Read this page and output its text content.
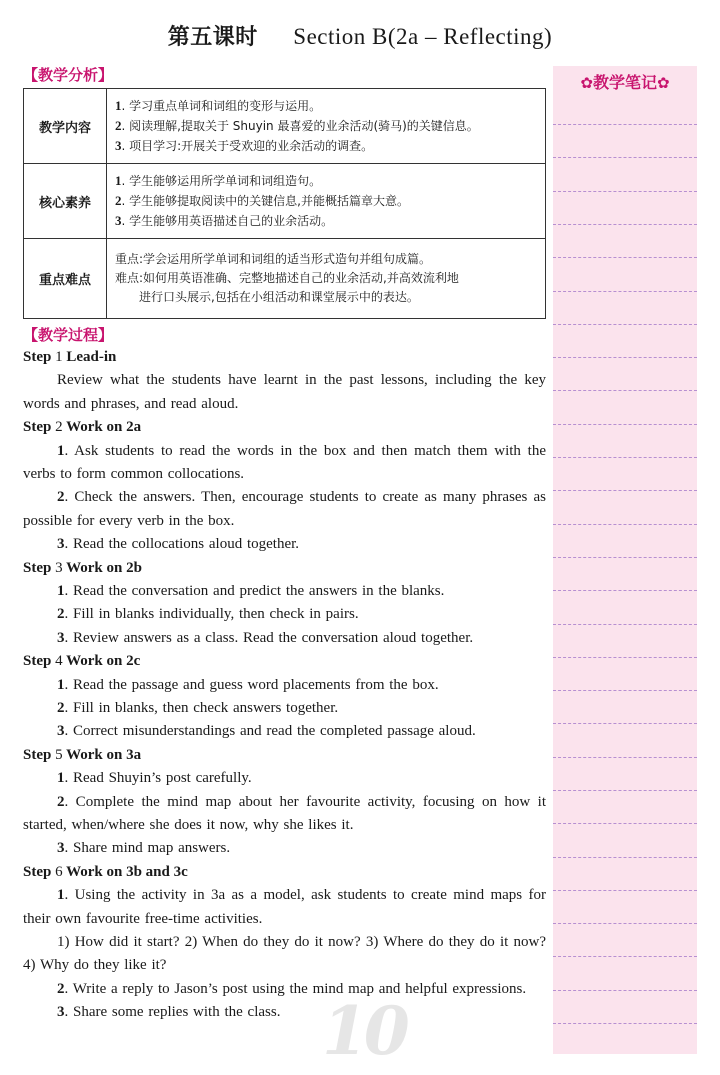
第五课时 Section B(2a – Reflecting)
【教学分析】
教学内容	1. 学习重点单词和词组的变形与运用。
2. 阅读理解,提取关于 Shuyin 最喜爱的业余活动(骑马)的关键信息。
3. 项目学习:开展关于受欢迎的业余活动的调查。

核心素养	1. 学生能够运用所学单词和词组造句。
2. 学生能够提取阅读中的关键信息,并能概括篇章大意。
3. 学生能够用英语描述自己的业余活动。

重点难点	重点:学会运用所学单词和词组的适当形式造句并组句成篇。
难点:如何用英语准确、完整地描述自己的业余活动,并高效流利地
进行口头展示,包括在小组活动和课堂展示中的表达。
【教学过程】
Step 1 Lead-in
Review what the students have learnt in the past lessons, including the key words and phrases, and read aloud.
Step 2 Work on 2a
1. Ask students to read the words in the box and then match them with the verbs to form common collocations.
2. Check the answers. Then, encourage students to create as many phrases as possible for every verb in the box.
3. Read the collocations aloud together.
Step 3 Work on 2b
1. Read the conversation and predict the answers in the blanks.
2. Fill in blanks individually, then check in pairs.
3. Review answers as a class. Read the conversation aloud together.
Step 4 Work on 2c
1. Read the passage and guess word placements from the box.
2. Fill in blanks, then check answers together.
3. Correct misunderstandings and read the completed passage aloud.
Step 5 Work on 3a
1. Read Shuyin’s post carefully.
2. Complete the mind map about her favourite activity, focusing on how it started, when/where she does it now, why she likes it.
3. Share mind map answers.
Step 6 Work on 3b and 3c
1. Using the activity in 3a as a model, ask students to create mind maps for their own favourite free-time activities.
1) How did it start? 2) When do they do it now? 3) Where do they do it now? 4) Why do they like it?
2. Write a reply to Jason’s post using the mind map and helpful expressions.
3. Share some replies with the class. 10
✿教学笔记✿
